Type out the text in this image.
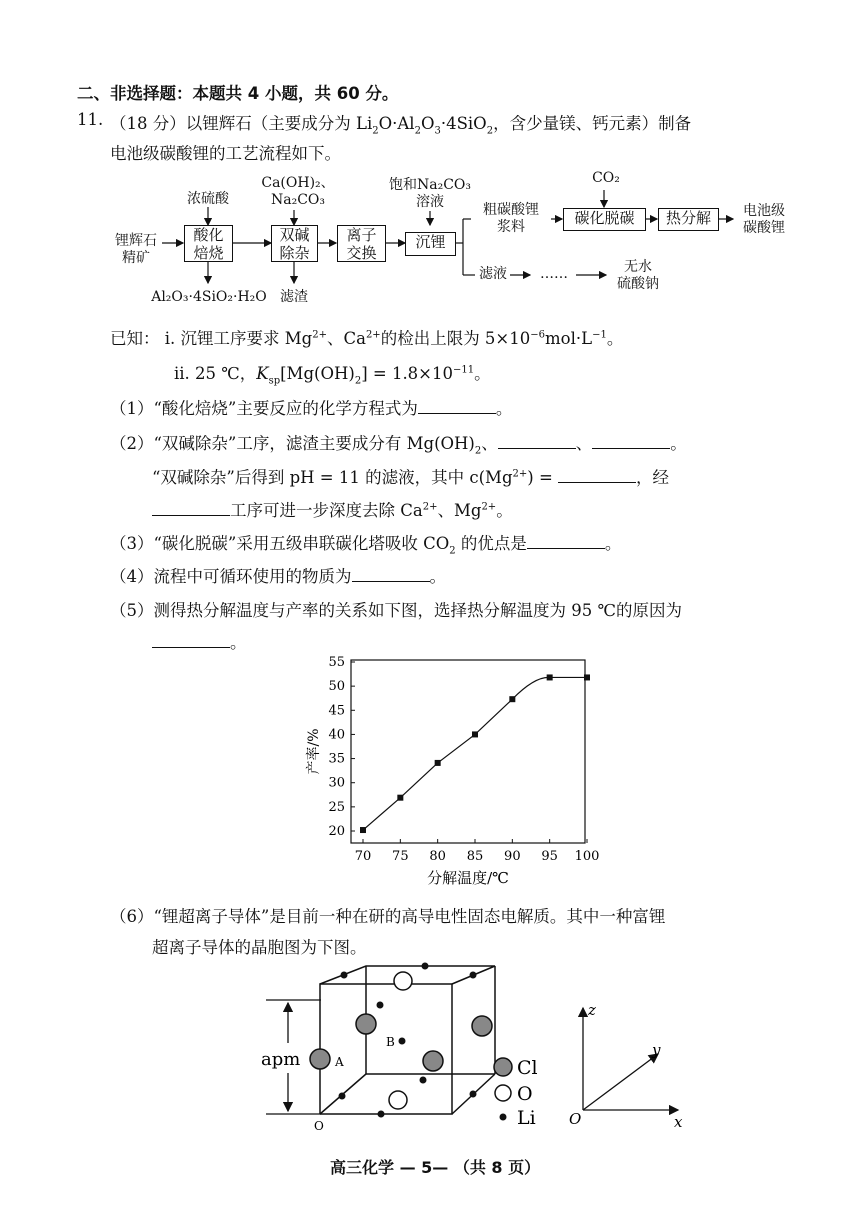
二、非选择题：本题共 4 小题，共 60 分。
11. （18 分）以锂辉石（主要成分为 $Li_2O\cdot Al_2O_3\cdot 4SiO_2$，含少量镁、钙元素）制备
电池级碳酸锂的工艺流程如下。
锂辉石
精矿
浓硫酸
酸化
焙烧
Al₂O₃·4SiO₂·H₂O
Ca(OH)₂、
Na₂CO₃
双碱
除杂
滤渣
离子
交换
饱和Na₂CO₃
溶液
沉锂
粗碳酸锂
浆料
CO₂
碳化脱碳	热分解	电池级
碳酸锂
滤液	……	无水
硫酸钠
已知： ⅰ. 沉锂工序要求 $Mg^{2+}$、$Ca^{2+}$的检出上限为 $5\times 10^{-6}mol\cdot L^{-1}$。
ⅱ. 25 ℃，$K_{sp}[Mg(OH)_2] = 1.8\times 10^{-11}$。
（1）“酸化焙烧”主要反应的化学方程式为	。
（2）“双碱除杂”工序，滤渣主要成分有 $Mg(OH)_2$、	、	。
“双碱除杂”后得到 pH = 11 的滤液，其中 $c(Mg^{2+})$ =	，经
工序可进一步深度去除 $Ca^{2+}$、$Mg^{2+}$。
（3）“碳化脱碳”采用五级串联碳化塔吸收 $CO_2$ 的优点是	。
（4）流程中可循环使用的物质为	。
（5）测得热分解温度与产率的关系如下图，选择热分解温度为 95 ℃的原因为
。
70 75 80 85 90 95 100
20
25
30
35
40
45
50
55
分解温度/℃
产率/%
（6）“锂超离子导体”是目前一种在研的高导电性固态电解质。其中一种富锂
超离子导体的晶胞图为下图。
apm	A
B
O
Cl
O
Li
z
y
x
O
高三化学 — 5— （共 8 页）
